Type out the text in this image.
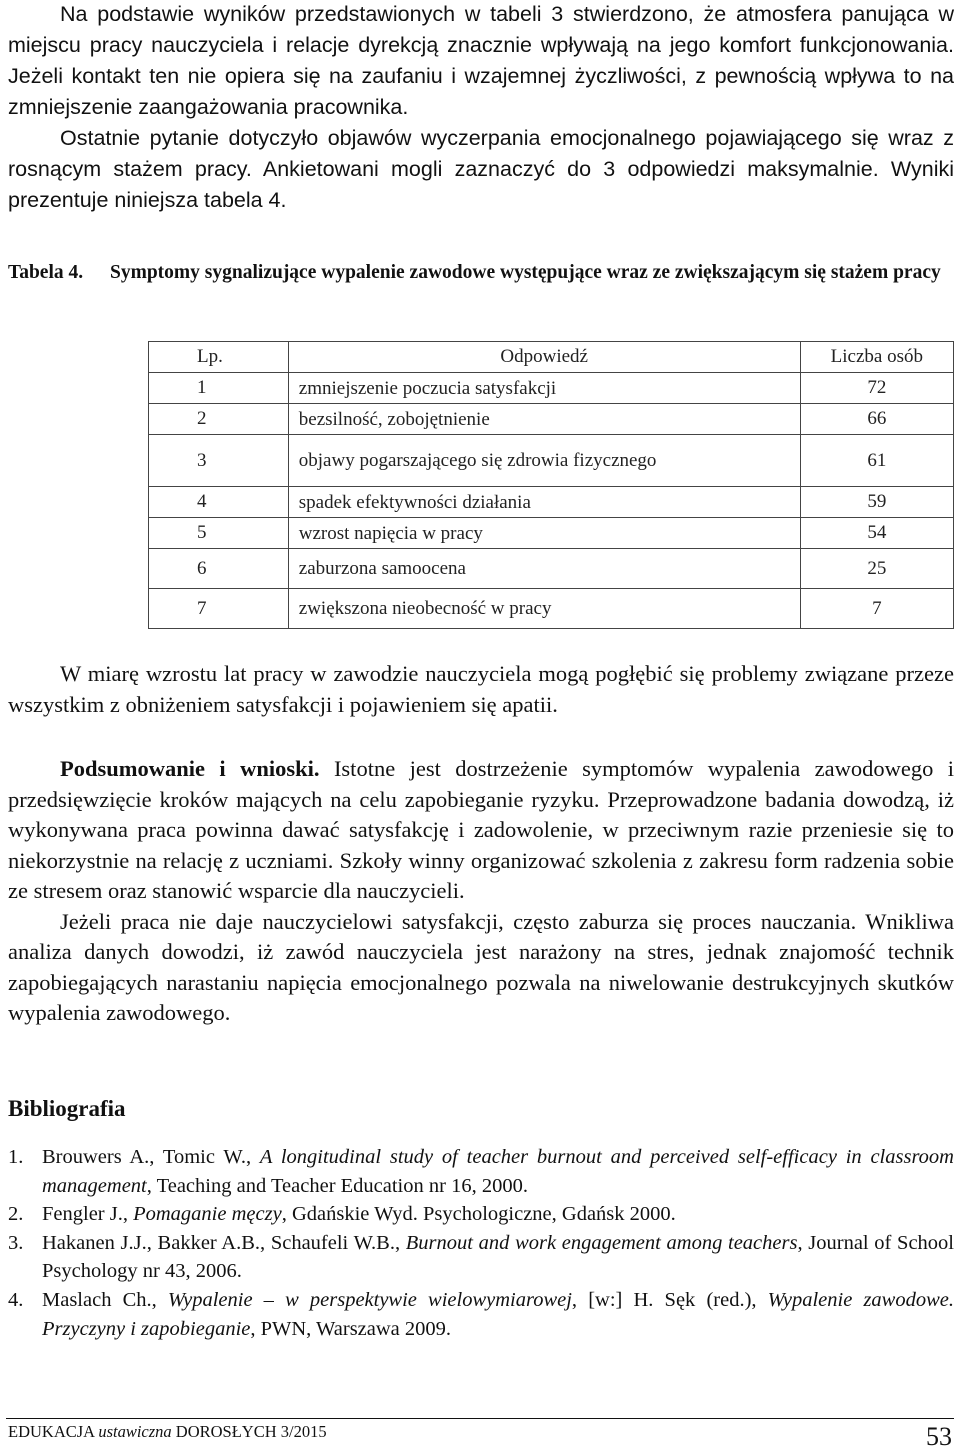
Na podstawie wyników przedstawionych w tabeli 3 stwierdzono, że atmosfera panująca w miejscu pracy nauczyciela i relacje dyrekcją znacznie wpływają na jego komfort funkcjonowania. Jeżeli kontakt ten nie opiera się na zaufaniu i wzajemnej życzliwości, z pewnością wpływa to na zmniejszenie zaangażowania pracownika.

Ostatnie pytanie dotyczyło objawów wyczerpania emocjonalnego pojawiającego się wraz z rosnącym stażem pracy. Ankietowani mogli zaznaczyć do 3 odpowiedzi maksymalnie. Wyniki prezentuje niniejsza tabela 4.

Tabela 4. Symptomy sygnalizujące wypalenie zawodowe występujące wraz ze zwiększającym się stażem pracy
Lp.	Odpowiedź	Liczba osób
1	zmniejszenie poczucia satysfakcji	72
2	bezsilność, zobojętnienie	66
3	objawy pogarszającego się zdrowia fizycznego	61
4	spadek efektywności działania	59
5	wzrost napięcia w pracy	54
6	zaburzona samoocena	25
7	zwiększona nieobecność w pracy	7

W miarę wzrostu lat pracy w zawodzie nauczyciela mogą pogłębić się problemy związane przeze wszystkim z obniżeniem satysfakcji i pojawieniem się apatii.

Podsumowanie i wnioski. Istotne jest dostrzeżenie symptomów wypalenia zawodowego i przedsięwzięcie kroków mających na celu zapobieganie ryzyku. Przeprowadzone badania dowodzą, iż wykonywana praca powinna dawać satysfakcję i zadowolenie, w przeciwnym razie przeniesie się to niekorzystnie na relację z uczniami. Szkoły winny organizować szkolenia z zakresu form radzenia sobie ze stresem oraz stanowić wsparcie dla nauczycieli.

Jeżeli praca nie daje nauczycielowi satysfakcji, często zaburza się proces nauczania. Wnikliwa analiza danych dowodzi, iż zawód nauczyciela jest narażony na stres, jednak znajomość technik zapobiegających narastaniu napięcia emocjonalnego pozwala na niwelowanie destrukcyjnych skutków wypalenia zawodowego.

Bibliografia
1. Brouwers A., Tomic W., A longitudinal study of teacher burnout and perceived self-efficacy in classroom management, Teaching and Teacher Education nr 16, 2000.
2. Fengler J., Pomaganie męczy, Gdańskie Wyd. Psychologiczne, Gdańsk 2000.
3. Hakanen J.J., Bakker A.B., Schaufeli W.B., Burnout and work engagement among teachers, Journal of School Psychology nr 43, 2006.
4. Maslach Ch., Wypalenie – w perspektywie wielowymiarowej, [w:] H. Sęk (red.), Wypalenie zawodowe. Przyczyny i zapobieganie, PWN, Warszawa 2009.
EDUKACJA ustawiczna DOROSŁYCH 3/2015	53
